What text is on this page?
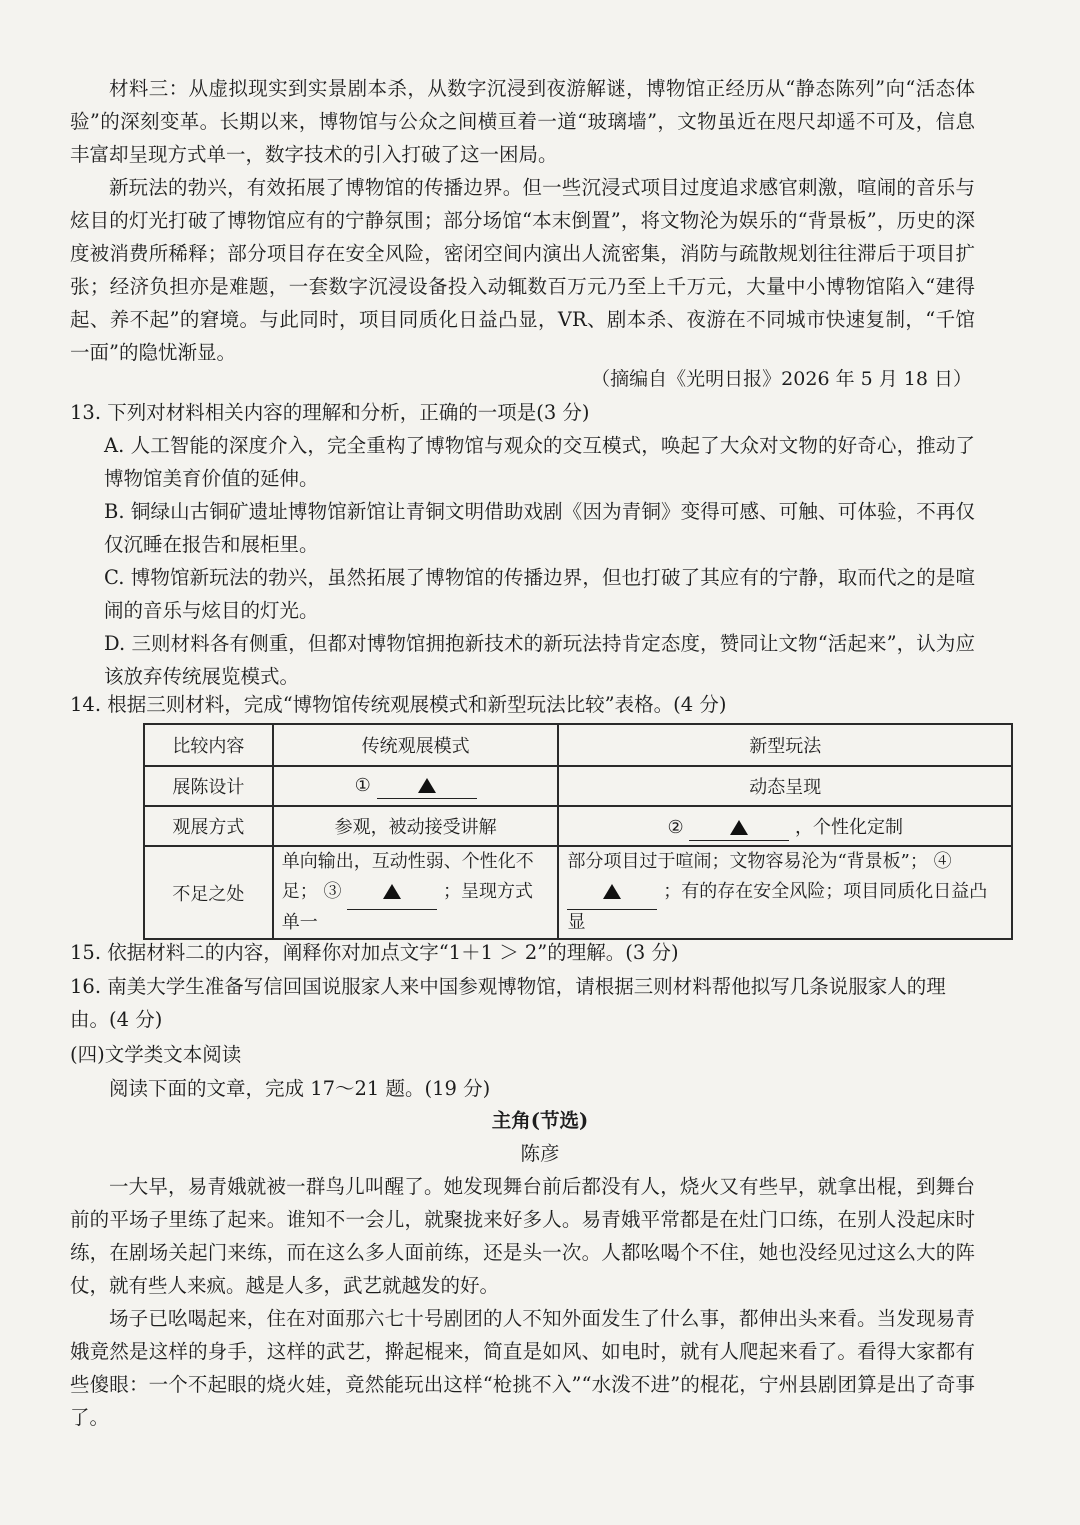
材料三：从虚拟现实到实景剧本杀，从数字沉浸到夜游解谜，博物馆正经历从“静态陈列”向“活态体验”的深刻变革。长期以来，博物馆与公众之间横亘着一道“玻璃墙”，文物虽近在咫尺却遥不可及，信息丰富却呈现方式单一，数字技术的引入打破了这一困局。

新玩法的勃兴，有效拓展了博物馆的传播边界。但一些沉浸式项目过度追求感官刺激，喧闹的音乐与炫目的灯光打破了博物馆应有的宁静氛围；部分场馆“本末倒置”，将文物沦为娱乐的“背景板”，历史的深度被消费所稀释；部分项目存在安全风险，密闭空间内演出人流密集，消防与疏散规划往往滞后于项目扩张；经济负担亦是难题，一套数字沉浸设备投入动辄数百万元乃至上千万元，大量中小博物馆陷入“建得起、养不起”的窘境。与此同时，项目同质化日益凸显，VR、剧本杀、夜游在不同城市快速复制，“千馆一面”的隐忧渐显。

（摘编自《光明日报》2026 年 5 月 18 日）

13. 下列对材料相关内容的理解和分析，正确的一项是(3 分)

A. 人工智能的深度介入，完全重构了博物馆与观众的交互模式，唤起了大众对文物的好奇心，推动了博物馆美育价值的延伸。

B. 铜绿山古铜矿遗址博物馆新馆让青铜文明借助戏剧《因为青铜》变得可感、可触、可体验，不再仅仅沉睡在报告和展柜里。

C. 博物馆新玩法的勃兴，虽然拓展了博物馆的传播边界，但也打破了其应有的宁静，取而代之的是喧闹的音乐与炫目的灯光。

D. 三则材料各有侧重，但都对博物馆拥抱新技术的新玩法持肯定态度，赞同让文物“活起来”，认为应该放弃传统展览模式。

14. 根据三则材料，完成“博物馆传统观展模式和新型玩法比较”表格。(4 分)

比较内容	传统观展模式	新型玩法
展陈设计	①	动态呈现
观展方式	参观，被动接受讲解	② ，个性化定制
不足之处	单向输出，互动性弱、个性化不足； ③ ；呈现方式单一	部分项目过于喧闹；文物容易沦为“背景板”； ④  ；有的存在安全风险；项目同质化日益凸显

15. 依据材料二的内容，阐释你对加点文字“1＋1 ＞ 2”的理解。(3 分)

16. 南美大学生准备写信回国说服家人来中国参观博物馆，请根据三则材料帮他拟写几条说服家人的理由。(4 分)

(四)文学类文本阅读

阅读下面的文章，完成 17～21 题。(19 分)

主角(节选)

陈彦

一大早，易青娥就被一群鸟儿叫醒了。她发现舞台前后都没有人，烧火又有些早，就拿出棍，到舞台前的平场子里练了起来。谁知不一会儿，就聚拢来好多人。易青娥平常都是在灶门口练，在别人没起床时练，在剧场关起门来练，而在这么多人面前练，还是头一次。人都吆喝个不住，她也没经见过这么大的阵仗，就有些人来疯。越是人多，武艺就越发的好。

场子已吆喝起来，住在对面那六七十号剧团的人不知外面发生了什么事，都伸出头来看。当发现易青娥竟然是这样的身手，这样的武艺，擀起棍来，简直是如风、如电时，就有人爬起来看了。看得大家都有些傻眼：一个不起眼的烧火娃，竟然能玩出这样“枪挑不入”“水泼不进”的棍花，宁州县剧团算是出了奇事了。
